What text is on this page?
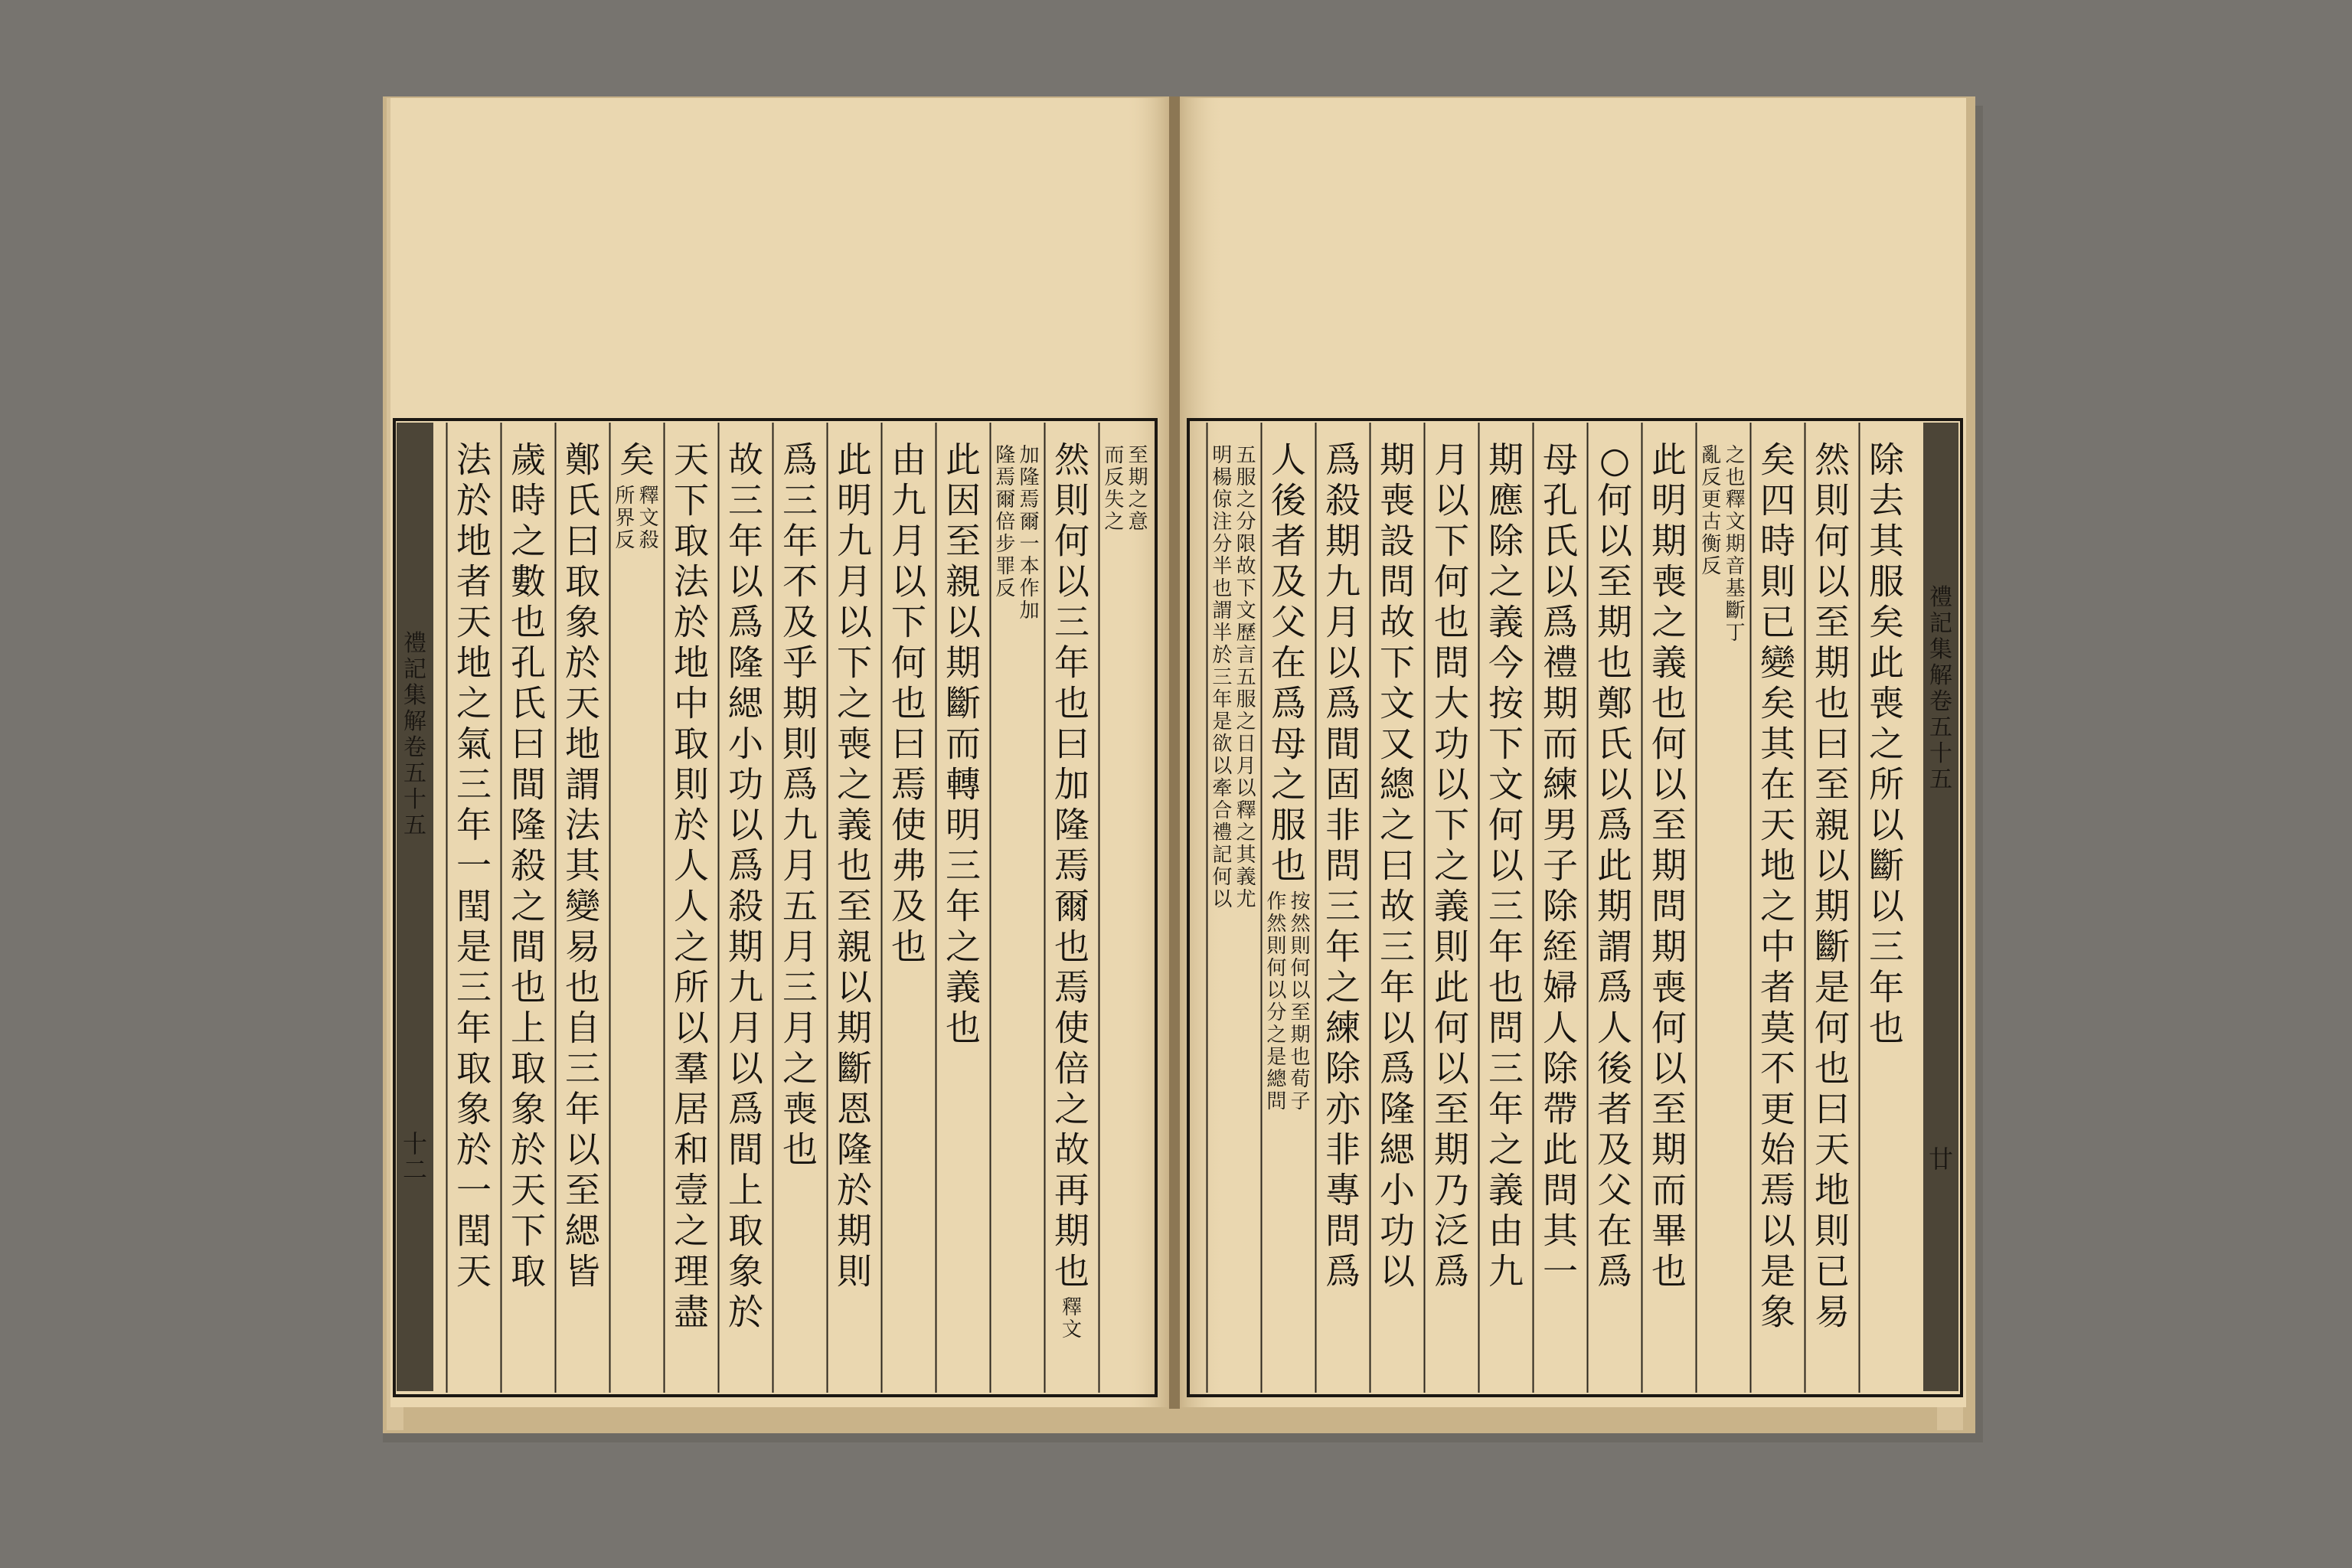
禮記集解卷五十五
十二
至期之意
而反失之
然則何以三年也曰加隆焉爾也焉使倍之故再期也
釋文
加隆焉爾一本作加
隆焉爾倍步罪反
此因至親以期斷而轉明三年之義也
由九月以下何也曰焉使弗及也
此明九月以下之喪之義也至親以期斷恩隆於期則
爲三年不及乎期則爲九月五月三月之喪也
故三年以爲隆緦小功以爲殺期九月以爲間上取象於
天下取法於地中取則於人人之所以羣居和壹之理盡
矣
釋文殺
所界反
鄭氏曰取象於天地謂法其變易也自三年以至緦皆
歲時之數也孔氏曰間隆殺之間也上取象於天下取
法於地者天地之氣三年一閏是三年取象於一閏天
禮記集解卷五十五
廿
除去其服矣此喪之所以斷以三年也
然則何以至期也曰至親以期斷是何也曰天地則已易
矣四時則已變矣其在天地之中者莫不更始焉以是象
之也釋文期音基斷丁
亂反更古衡反
此明期喪之義也何以至期問期喪何以至期而畢也
○何以至期也鄭氏以爲此期謂爲人後者及父在爲
母孔氏以爲禮期而練男子除絰婦人除帶此問其一
期應除之義今按下文何以三年也問三年之義由九
月以下何也問大功以下之義則此何以至期乃泛爲
期喪設問故下文又總之曰故三年以爲隆緦小功以
爲殺期九月以爲間固非問三年之練除亦非專問爲
人後者及父在爲母之服也
按然則何以至期也荀子
作然則何以分之是總問
五服之分限故下文歷言五服之日月以釋之其義尤
明楊倞注分半也謂半於三年是欲以牽合禮記何以
